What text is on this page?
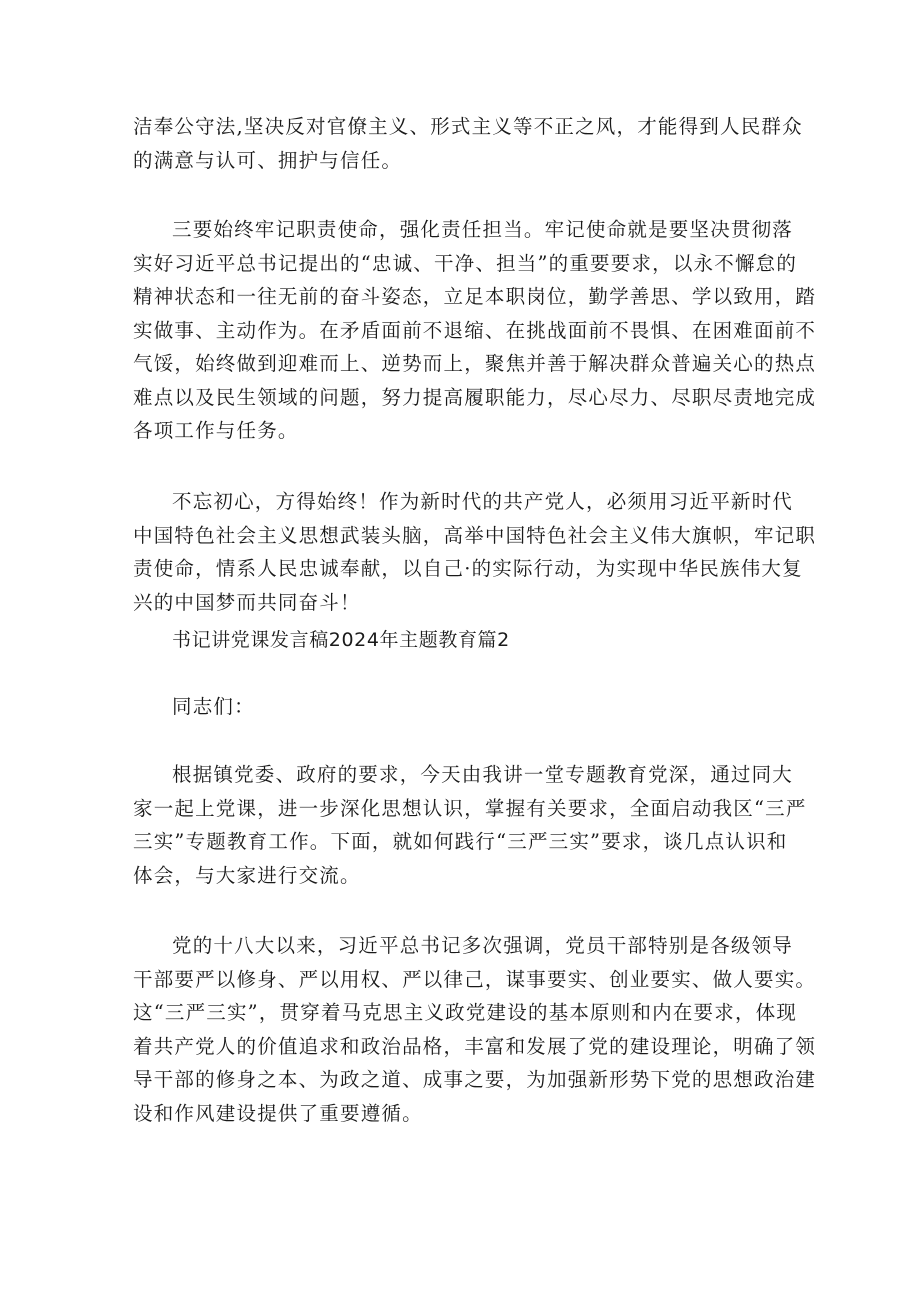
洁奉公守法,坚决反对官僚主义、形式主义等不正之风，才能得到人民群众
的满意与认可、拥护与信任。
三要始终牢记职责使命，强化责任担当。牢记使命就是要坚决贯彻落
实好习近平总书记提出的“忠诚、干净、担当”的重要要求，以永不懈怠的
精神状态和一往无前的奋斗姿态，立足本职岗位，勤学善思、学以致用，踏
实做事、主动作为。在矛盾面前不退缩、在挑战面前不畏惧、在困难面前不
气馁，始终做到迎难而上、逆势而上，聚焦并善于解决群众普遍关心的热点
难点以及民生领域的问题，努力提高履职能力，尽心尽力、尽职尽责地完成
各项工作与任务。
不忘初心，方得始终！作为新时代的共产党人，必须用习近平新时代
中国特色社会主义思想武装头脑，高举中国特色社会主义伟大旗帜，牢记职
责使命，情系人民忠诚奉献，以自己·的实际行动，为实现中华民族伟大复
兴的中国梦而共同奋斗！
书记讲党课发言稿2024年主题教育篇2
同志们：
根据镇党委、政府的要求，今天由我讲一堂专题教育党深，通过同大
家一起上党课，进一步深化思想认识，掌握有关要求，全面启动我区“三严
三实”专题教育工作。下面，就如何践行“三严三实”要求，谈几点认识和
体会，与大家进行交流。
党的十八大以来，习近平总书记多次强调，党员干部特别是各级领导
干部要严以修身、严以用权、严以律己，谋事要实、创业要实、做人要实。
这“三严三实”，贯穿着马克思主义政党建设的基本原则和内在要求，体现
着共产党人的价值追求和政治品格，丰富和发展了党的建设理论，明确了领
导干部的修身之本、为政之道、成事之要，为加强新形势下党的思想政治建
设和作风建设提供了重要遵循。
